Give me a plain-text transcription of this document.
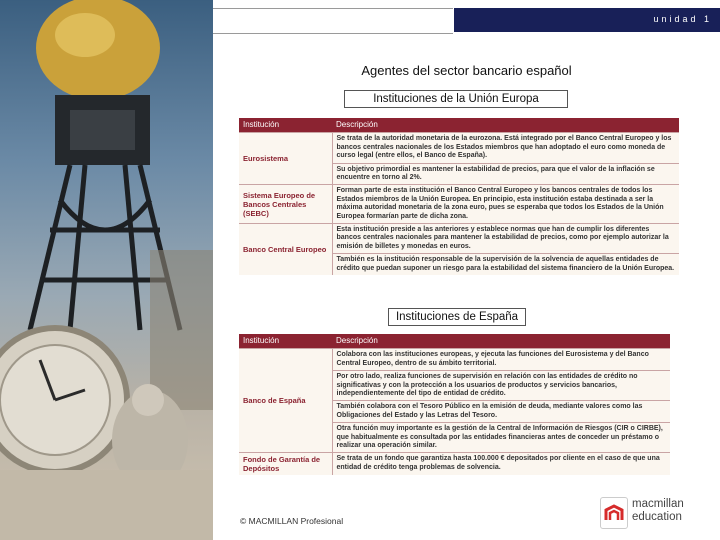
unidad 1
Agentes del sector bancario español
Instituciones de la Unión Europa
Institución	Descripción
Eurosistema	Se trata de la autoridad monetaria de la eurozona. Está integrado por el Banco Central Europeo y los bancos centrales nacionales de los Estados miembros que han adoptado el euro como moneda de curso legal (entre ellos, el Banco de España).
	Su objetivo primordial es mantener la estabilidad de precios, para que el valor de la inflación se encuentre en torno al 2%.
Sistema Europeo de Bancos Centrales (SEBC)	Forman parte de esta institución el Banco Central Europeo y los bancos centrales de todos los Estados miembros de la Unión Europea. En principio, esta institución estaba destinada a ser la máxima autoridad monetaria de la zona euro, pues se esperaba que todos los Estados de la Unión Europea formarían parte de dicha zona.
Banco Central Europeo	Esta institución preside a las anteriores y establece normas que han de cumplir los diferentes bancos centrales nacionales para mantener la estabilidad de precios, como por ejemplo autorizar la emisión de billetes y monedas en euros.
	También es la institución responsable de la supervisión de la solvencia de aquellas entidades de crédito que puedan suponer un riesgo para la estabilidad del sistema financiero de la Unión Europea.
Instituciones de España
Institución	Descripción
Banco de España	Colabora con las instituciones europeas, y ejecuta las funciones del Eurosistema y del Banco Central Europeo, dentro de su ámbito territorial.
	Por otro lado, realiza funciones de supervisión en relación con las entidades de crédito no significativas y con la protección a los usuarios de productos y servicios bancarios, independientemente del tipo de entidad de crédito.
	También colabora con el Tesoro Público en la emisión de deuda, mediante valores como las Obligaciones del Estado y las Letras del Tesoro.
	Otra función muy importante es la gestión de la Central de Información de Riesgos (CIR o CIRBE), que habitualmente es consultada por las entidades financieras antes de conceder un préstamo o realizar una operación similar.
Fondo de Garantía de Depósitos	Se trata de un fondo que garantiza hasta 100.000 € depositados por cliente en el caso de que una entidad de crédito tenga problemas de solvencia.
© MACMILLAN Profesional
macmillan
education
